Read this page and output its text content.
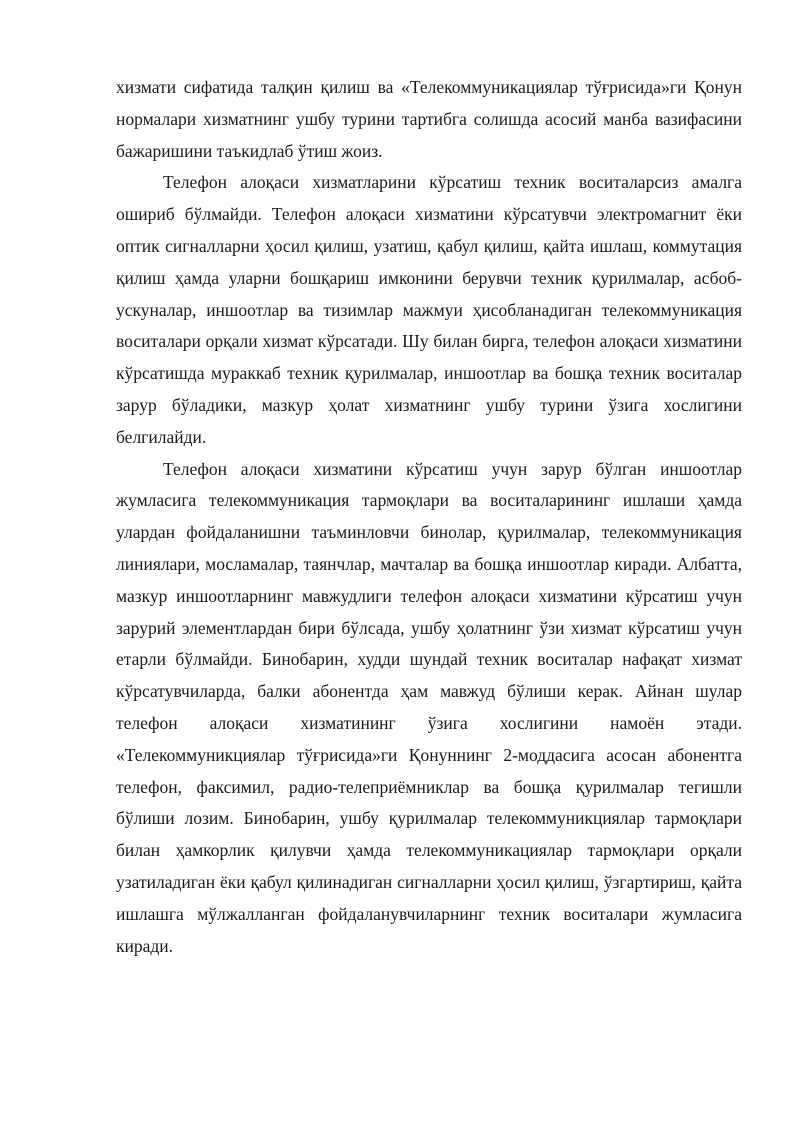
хизмати сифатида талқин қилиш ва «Телекоммуникациялар тўғрисида»ги Қонун нормалари хизматнинг ушбу турини тартибга солишда асосий манба вазифасини бажаришини таъкидлаб ўтиш жоиз.

Телефон алоқаси хизматларини кўрсатиш техник воситаларсиз амалга ошириб бўлмайди. Телефон алоқаси хизматини кўрсатувчи электромагнит ёки оптик сигналларни ҳосил қилиш, узатиш, қабул қилиш, қайта ишлаш, коммутация қилиш ҳамда уларни бошқариш имконини берувчи техник қурилмалар, асбоб-ускуналар, иншоотлар ва тизимлар мажмуи ҳисобланадиган телекоммуникация воситалари орқали хизмат кўрсатади. Шу билан бирга, телефон алоқаси хизматини кўрсатишда мураккаб техник қурилмалар, иншоотлар ва бошқа техник воситалар зарур бўладики, мазкур ҳолат хизматнинг ушбу турини ўзига хослигини белгилайди.

Телефон алоқаси хизматини кўрсатиш учун зарур бўлган иншоотлар жумласига телекоммуникация тармоқлари ва воситаларининг ишлаши ҳамда улардан фойдаланишни таъминловчи бинолар, қурилмалар, телекоммуникация линиялари, мосламалар, таянчлар, мачталар ва бошқа иншоотлар киради. Албатта, мазкур иншоотларнинг мавжудлиги телефон алоқаси хизматини кўрсатиш учун зарурий элементлардан бири бўлсада, ушбу ҳолатнинг ўзи хизмат кўрсатиш учун етарли бўлмайди. Бинобарин, худди шундай техник воситалар нафақат хизмат кўрсатувчиларда, балки абонентда ҳам мавжуд бўлиши керак. Айнан шулар телефон алоқаси хизматининг ўзига хослигини намоён этади. «Телекоммуникциялар тўғрисида»ги Қонуннинг 2-моддасига асосан абонентга телефон, факсимил, радио-телеприёмниклар ва бошқа қурилмалар тегишли бўлиши лозим. Бинобарин, ушбу қурилмалар телекоммуникциялар тармоқлари билан ҳамкорлик қилувчи ҳамда телекоммуникациялар тармоқлари орқали узатиладиган ёки қабул қилинадиган сигналларни ҳосил қилиш, ўзгартириш, қайта ишлашга мўлжалланган фойдаланувчиларнинг техник воситалари жумласига киради.
